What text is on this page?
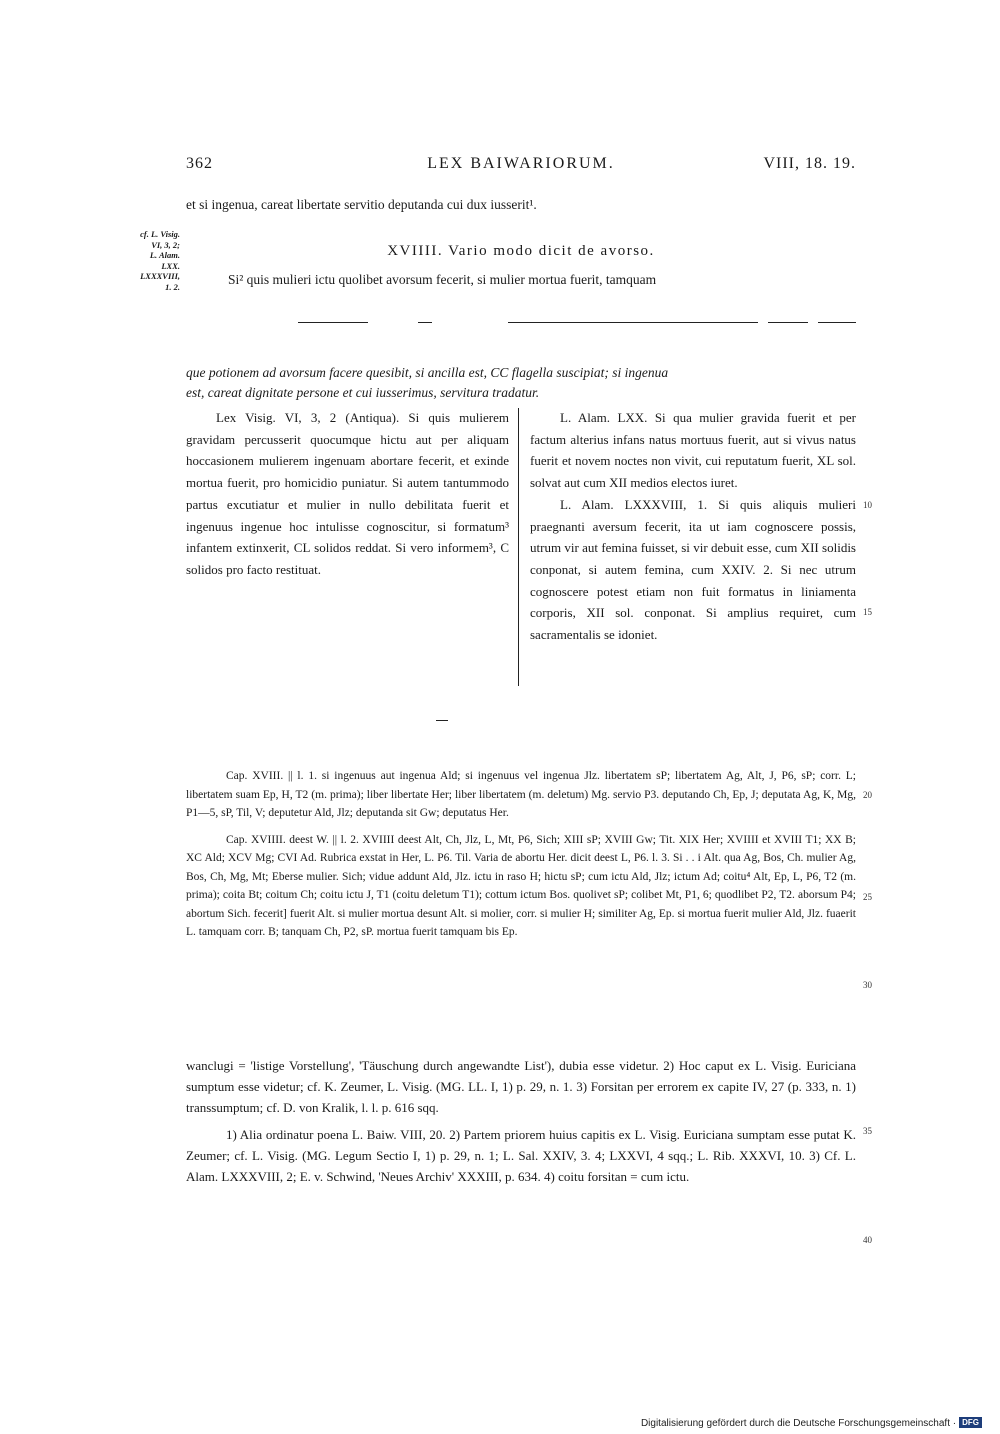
362	LEX BAIWARIORUM.	VIII, 18. 19.
et si ingenua, careat libertate servitio deputanda cui dux iusserit¹.
cf. L. Visig.
VI, 3, 2;
L. Alam.
LXX.
LXXXVIII,
1. 2.
XVIIII. Vario modo dicit de avorso.
Si² quis mulieri ictu quolibet avorsum fecerit, si mulier mortua fuerit, tamquam
que potionem ad avorsum facere quesibit, si ancilla est, CC flagella suscipiat; si ingenua
est, careat dignitate persone et cui iusserimus, servitura tradatur.

Lex Visig. VI, 3, 2 (Antiqua). Si quis mulierem gravidam percusserit quocumque hictu aut per aliquam hoccasionem mulierem ingenuam abortare fecerit, et exinde mortua fuerit, pro homicidio puniatur. Si autem tantummodo partus excutiatur et mulier in nullo debilitata fuerit et ingenuus ingenue hoc intulisse cognoscitur, si formatum³ infantem extinxerit, CL solidos reddat. Si vero informem³, C solidos pro facto restituat.

L. Alam. LXX. Si qua mulier gravida fuerit et per factum alterius infans natus mortuus fuerit, aut si vivus natus fuerit et novem noctes non vivit, cui reputatum fuerit, XL sol. solvat aut cum XII medios electos iuret.

L. Alam. LXXXVIII, 1. Si quis aliquis mulieri praegnanti aversum fecerit, ita ut iam cognoscere possis, utrum vir aut femina fuisset, si vir debuit esse, cum XII solidis conponat, si autem femina, cum XXIV. 2. Si nec utrum cognoscere potest etiam non fuit formatus in liniamenta corporis, XII sol. conponat. Si amplius requiret, cum sacramentalis se idoniet.

Cap. XVIII. || l. 1. si ingenuus aut ingenua Ald; si ingenuus vel ingenua Jlz. libertatem sP; libertatem Ag, Alt, J, P6, sP; corr. L; libertatem suam Ep, H, T2 (m. prima); liber libertate Her; liber libertatem (m. deletum) Mg. servio P3. deputando Ch, Ep, J; deputata Ag, K, Mg, P1—5, sP, Til, V; deputetur Ald, Jlz; deputanda sit Gw; deputatus Her.

Cap. XVIIII. deest W. || l. 2. XVIIII deest Alt, Ch, Jlz, L, Mt, P6, Sich; XIII sP; XVIII Gw; Tit. XIX Her; XVIIII et XVIII T1; XX B; XC Ald; XCV Mg; CVI Ad. Rubrica exstat in Her, L. P6. Til. Varia de abortu Her. dicit deest L, P6. l. 3. Si . . i Alt. qua Ag, Bos, Ch. mulier Ag, Bos, Ch, Mg, Mt; Eberse mulier. Sich; vidue addunt Ald, Jlz. ictu in raso H; hictu sP; cum ictu Ald, Jlz; ictum Ad; coitu⁴ Alt, Ep, L, P6, T2 (m. prima); coita Bt; coitum Ch; coitu ictu J, T1 (coitu deletum T1); cottum ictum Bos. quolivet sP; colibet Mt, P1, 6; quodlibet P2, T2. aborsum P4; abortum Sich. fecerit] fuerit Alt. si mulier mortua desunt Alt. si molier, corr. si mulier H; similiter Ag, Ep. si mortua fuerit mulier Ald, Jlz. fuaerit L. tamquam corr. B; tanquam Ch, P2, sP. mortua fuerit tamquam bis Ep.

wanclugi = 'listige Vorstellung', 'Täuschung durch angewandte List'), dubia esse videtur. 2) Hoc caput ex L. Visig. Euriciana sumptum esse videtur; cf. K. Zeumer, L. Visig. (MG. LL. I, 1) p. 29, n. 1. 3) Forsitan per errorem ex capite IV, 27 (p. 333, n. 1) transsumptum; cf. D. von Kralik, l. l. p. 616 sqq.

1) Alia ordinatur poena L. Baiw. VIII, 20. 2) Partem priorem huius capitis ex L. Visig. Euriciana sumptam esse putat K. Zeumer; cf. L. Visig. (MG. Legum Sectio I, 1) p. 29, n. 1; L. Sal. XXIV, 3. 4; LXXVI, 4 sqq.; L. Rib. XXXVI, 10. 3) Cf. L. Alam. LXXXVIII, 2; E. v. Schwind, 'Neues Archiv' XXXIII, p. 634. 4) coitu forsitan = cum ictu.

10
15
20
25
30
35
40
Digitalisierung gefördert durch die Deutsche Forschungsgemeinschaft · DFG
